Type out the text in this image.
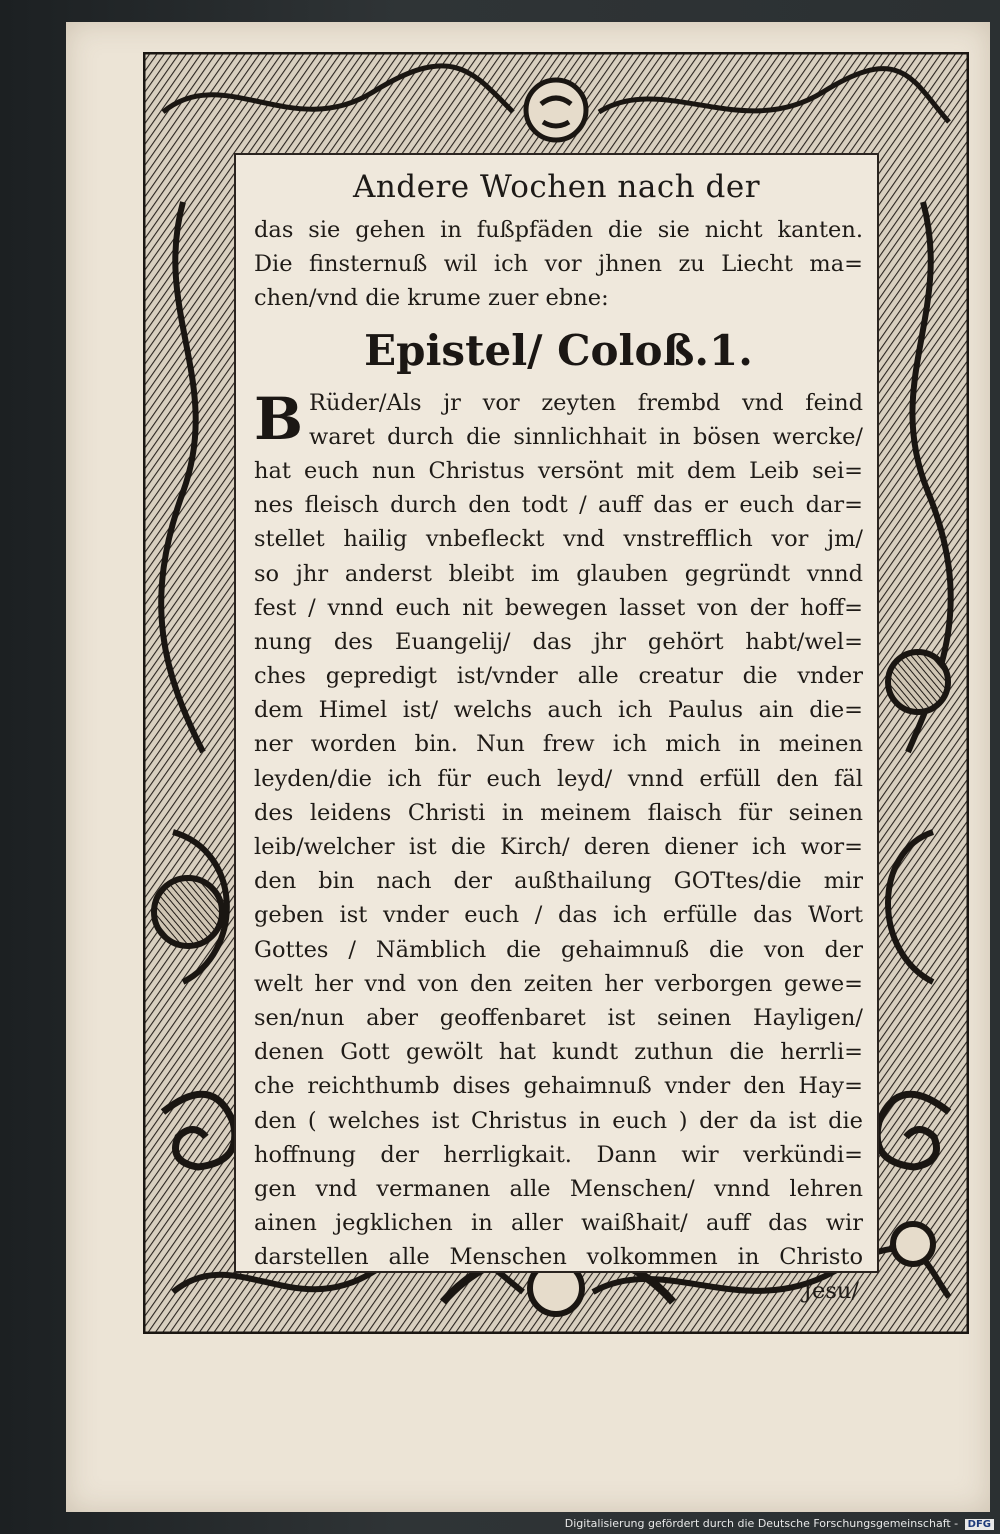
Andere Wochen nach der
das sie gehen in fußpfäden die sie nicht kanten.
Die finsternuß wil ich vor jhnen zu Liecht ma=
chen/vnd die krume zuer ebne:
Epistel/ Coloß.1.
B Rüder/Als jr vor zeyten frembd vnd feind
waret durch die sinnlichhait in bösen wercke/
hat euch nun Christus versönt mit dem Leib sei=
nes fleisch durch den todt / auff das er euch dar=
stellet hailig vnbefleckt vnd vnstrefflich vor jm/
so jhr anderst bleibt im glauben gegründt vnnd
fest / vnnd euch nit bewegen lasset von der hoff=
nung des Euangelij/ das jhr gehört habt/wel=
ches gepredigt ist/vnder alle creatur die vnder
dem Himel ist/ welchs auch ich Paulus ain die=
ner worden bin. Nun frew ich mich in meinen
leyden/die ich für euch leyd/ vnnd erfüll den fäl
des leidens Christi in meinem flaisch für seinen
leib/welcher ist die Kirch/ deren diener ich wor=
den bin nach der außthailung GOTtes/die mir
geben ist vnder euch / das ich erfülle das Wort
Gottes / Nämblich die gehaimnuß die von der
welt her vnd von den zeiten her verborgen gewe=
sen/nun aber geoffenbaret ist seinen Hayligen/
denen Gott gewölt hat kundt zuthun die herrli=
che reichthumb dises gehaimnuß vnder den Hay=
den ( welches ist Christus in euch ) der da ist die
hoffnung der herrligkait. Dann wir verkündi=
gen vnd vermanen alle Menschen/ vnnd lehren
ainen jegklichen in aller waißhait/ auff das wir
darstellen alle Menschen volkommen in Christo
Jesu/
Digitalisierung gefördert durch die Deutsche Forschungsgemeinschaft - DFG
